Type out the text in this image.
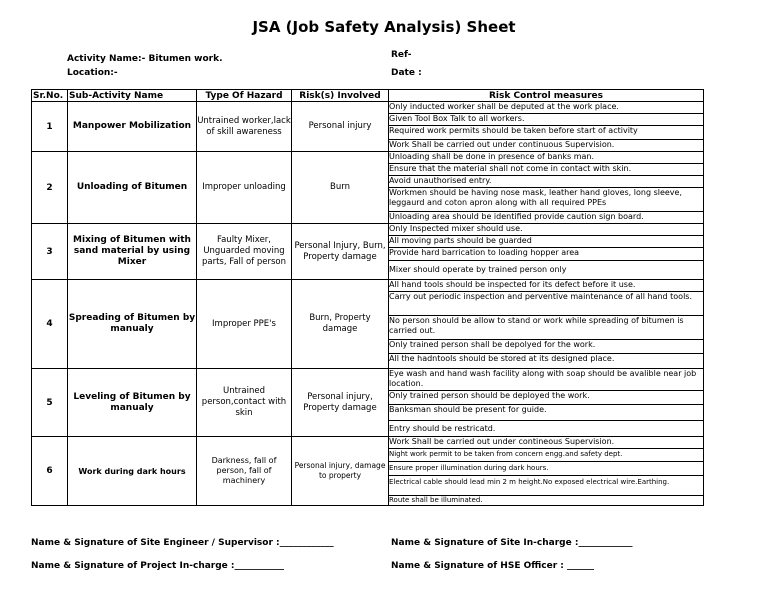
JSA (Job Safety Analysis) Sheet
Activity Name:- Bitumen work.
Location:-
Ref-
Date :
Sr.No.	Sub-Activity Name	Type Of Hazard	Risk(s) Involved	Risk Control measures
1	Manpower Mobilization	Untrained worker,lack of skill awareness	Personal injury	Only inducted worker shall be deputed at the work place.
				Given Tool Box Talk to all workers.
				Required work permits should be taken before start of activity
				Work Shall be carried out under continuous Supervision.
2	Unloading of Bitumen	Improper unloading	Burn	Unloading shall be done in presence of banks man.
				Ensure that the material shall not come in contact with skin.
				Avoid unauthorised entry.
				Workmen should be having nose mask, leather hand gloves, long sleeve, leggaurd and coton apron along with all required PPEs
				Unloading area should be identified provide caution sign board.
3	Mixing of Bitumen with sand material by using Mixer	Faulty Mixer, Unguarded moving parts, Fall of person	Personal Injury, Burn, Property damage	Only Inspected mixer should use.
				All moving parts should be guarded
				Provide hard barrication to loading hopper area
				Mixer should operate by trained person only
4	Spreading of Bitumen by manualy	Improper PPE's	Burn, Property damage	All hand tools should be inspected for its defect before it use.
				Carry out periodic inspection and perventive maintenance of all hand tools.
				No person should be allow to stand or work while spreading of bitumen is carried out.
				Only trained person shall be depolyed for the work.
				All the hadntools should be stored at its designed place.
5	Leveling of Bitumen by manualy	Untrained person,contact with skin	Personal injury, Property damage	Eye wash and hand wash facility along with soap should be avalible near job location.
				Only trained person should be deployed the work.
				Banksman should be present for guide.
				Entry should be restricatd.
6	Work during dark hours	Darkness, fall of person, fall of machinery	Personal injury, damage to property	Work Shall be carried out under contineous Supervision.
				Night work permit to be taken from concern engg.and safety dept.
				Ensure proper illumination during dark hours.
				Electrical cable should lead min 2 m height.No exposed electrical wire.Earthing.
				Route shall be illuminated.
Name & Signature of Site Engineer / Supervisor :____________	Name & Signature of Site In-charge :____________
Name & Signature of Project In-charge :___________	Name & Signature of HSE Officer : ______
